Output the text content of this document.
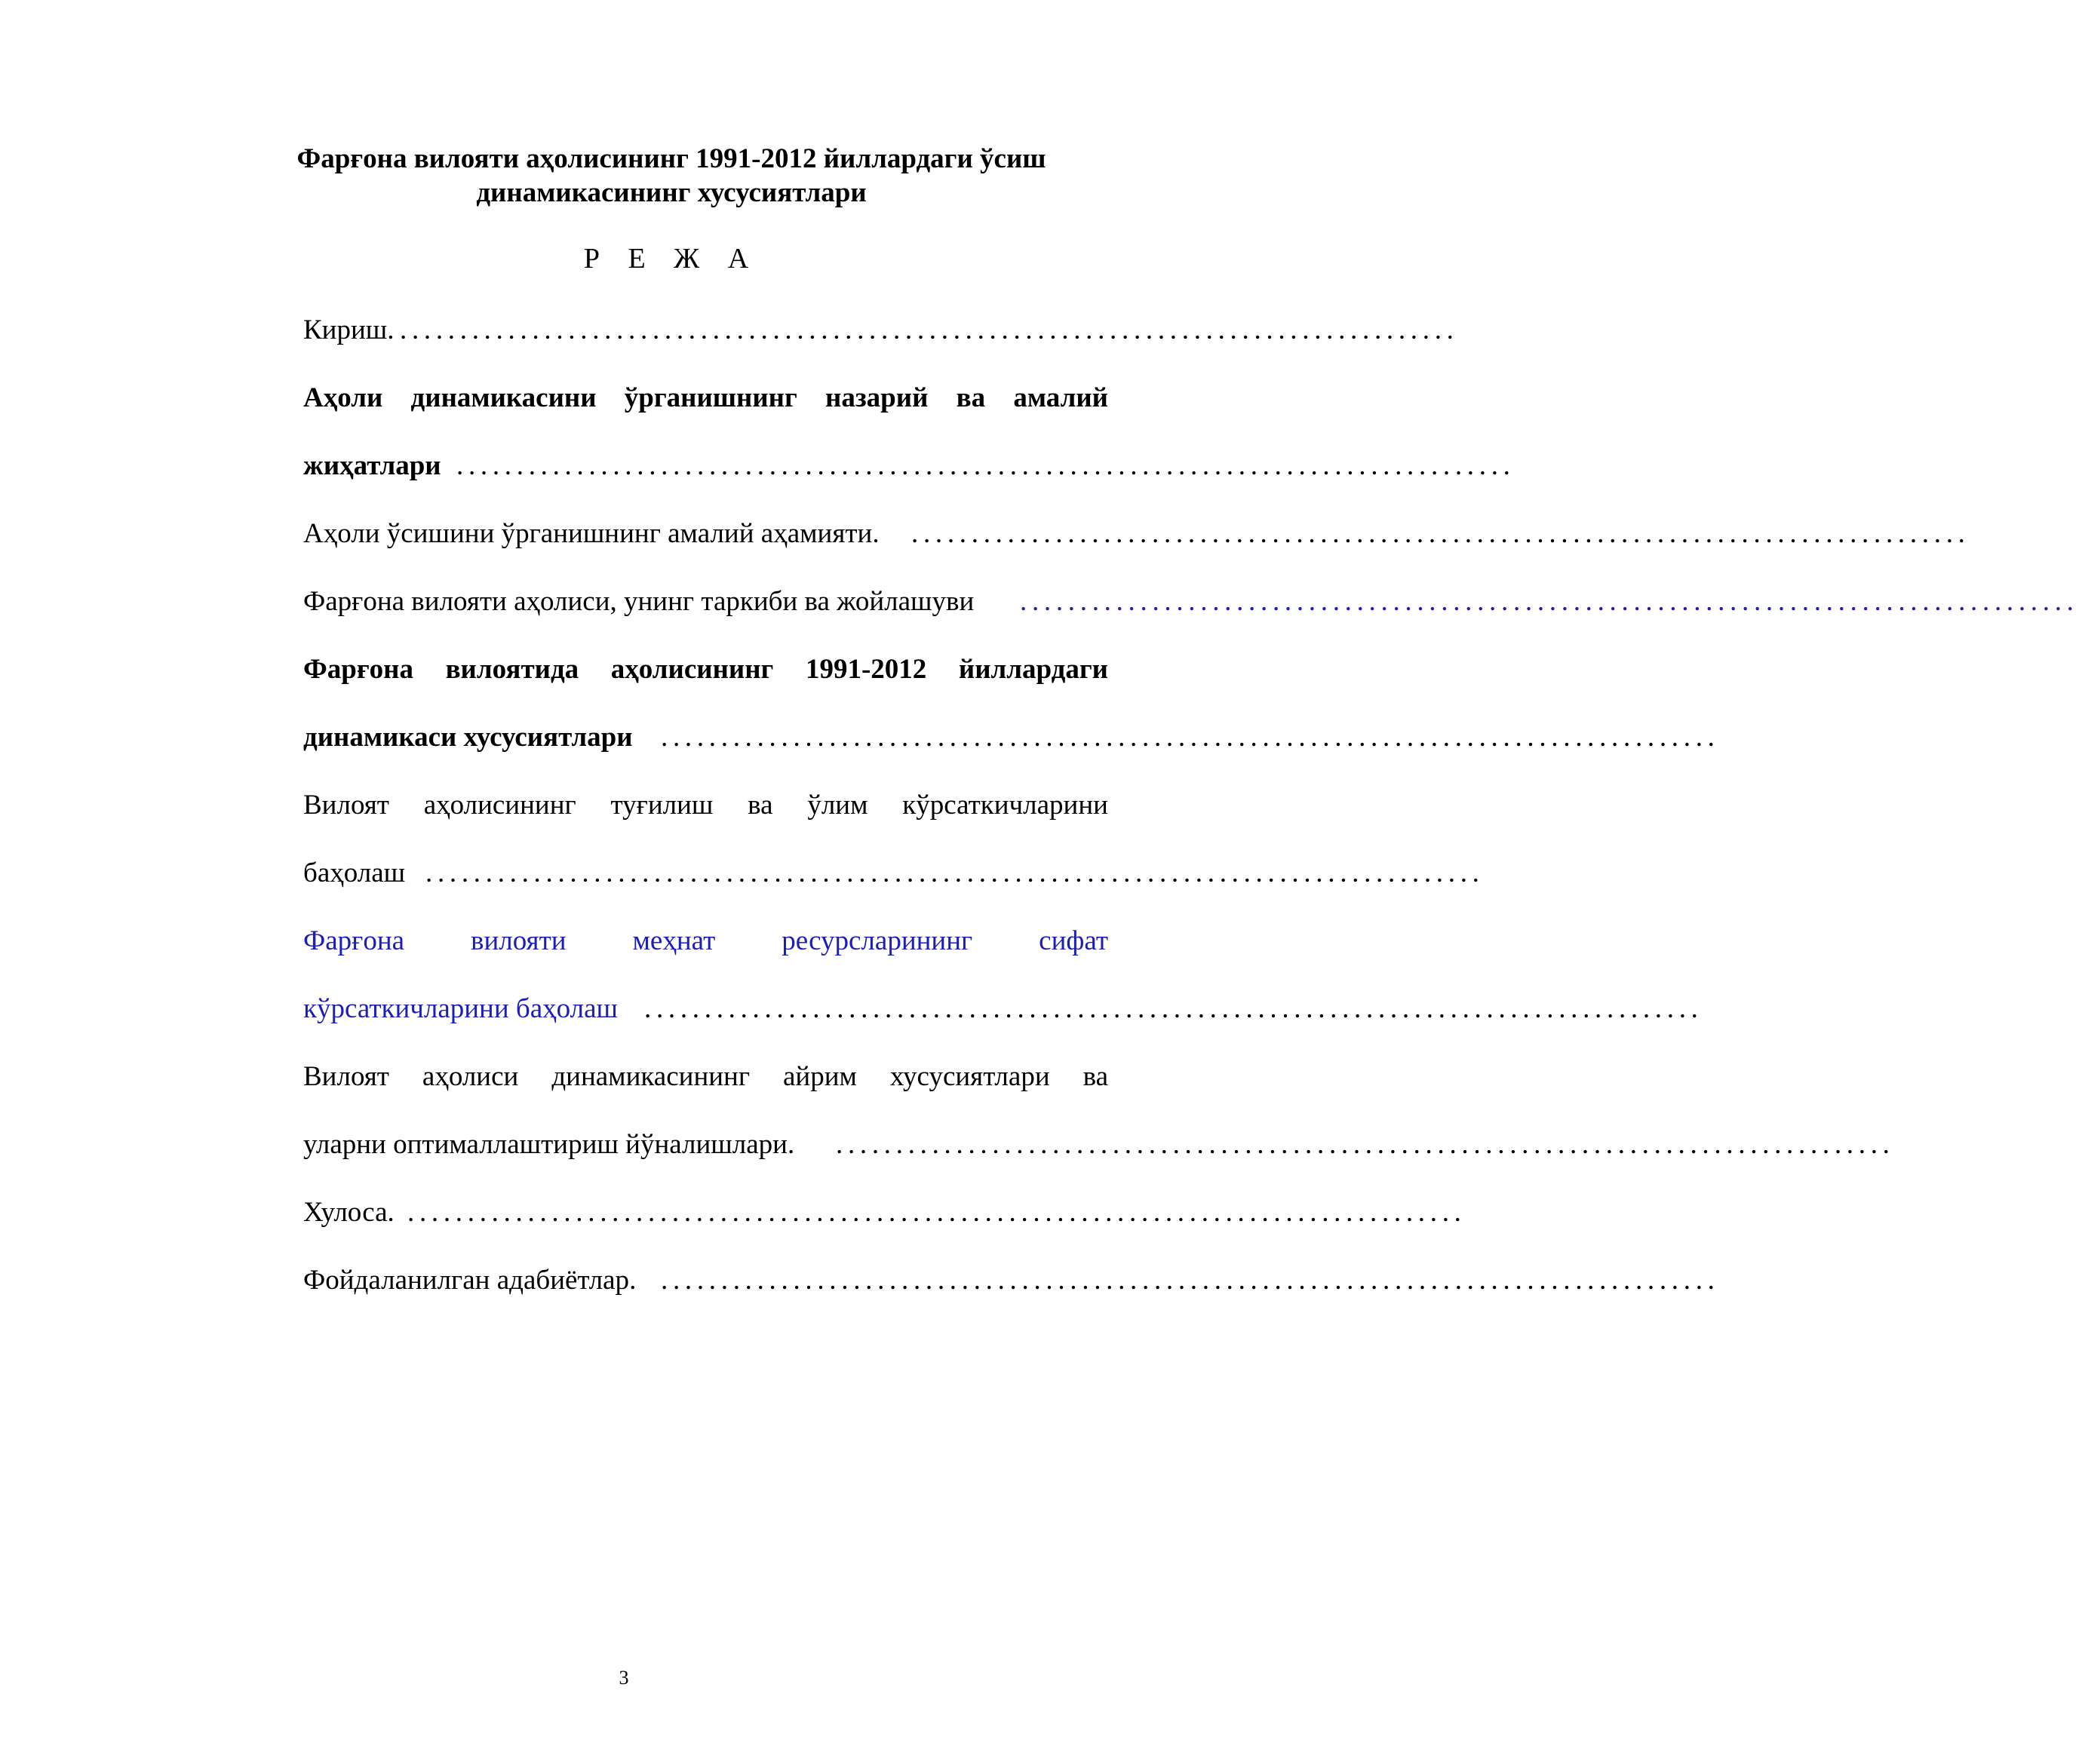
Фарғона вилояти аҳолисининг 1991-2012 йиллардаги ўсиш
динамикасининг хусусиятлари
Р Е Ж А
Кириш. ........................................................................................
Аҳоли динамикасини ўрганишнинг назарий ва амалий
жиҳатлари ........................................................................................
Аҳоли ўсишини ўрганишнинг амалий аҳамияти. ........................................................................................
Фарғона вилояти аҳолиси, унинг таркиби ва жойлашуви ........................................................................................
Фарғона вилоятида аҳолисининг 1991-2012 йиллардаги
динамикаси хусусиятлари ........................................................................................
Вилоят аҳолисининг туғилиш ва ўлим кўрсаткичларини
баҳолаш ........................................................................................
Фарғона вилояти меҳнат ресурсларининг сифат
кўрсаткичларини баҳолаш ........................................................................................
Вилоят аҳолиси динамикасининг айрим хусусиятлари ва
уларни оптималлаштириш йўналишлари. ........................................................................................
Хулоса. ........................................................................................
Фойдаланилган адабиётлар. ........................................................................................
3
